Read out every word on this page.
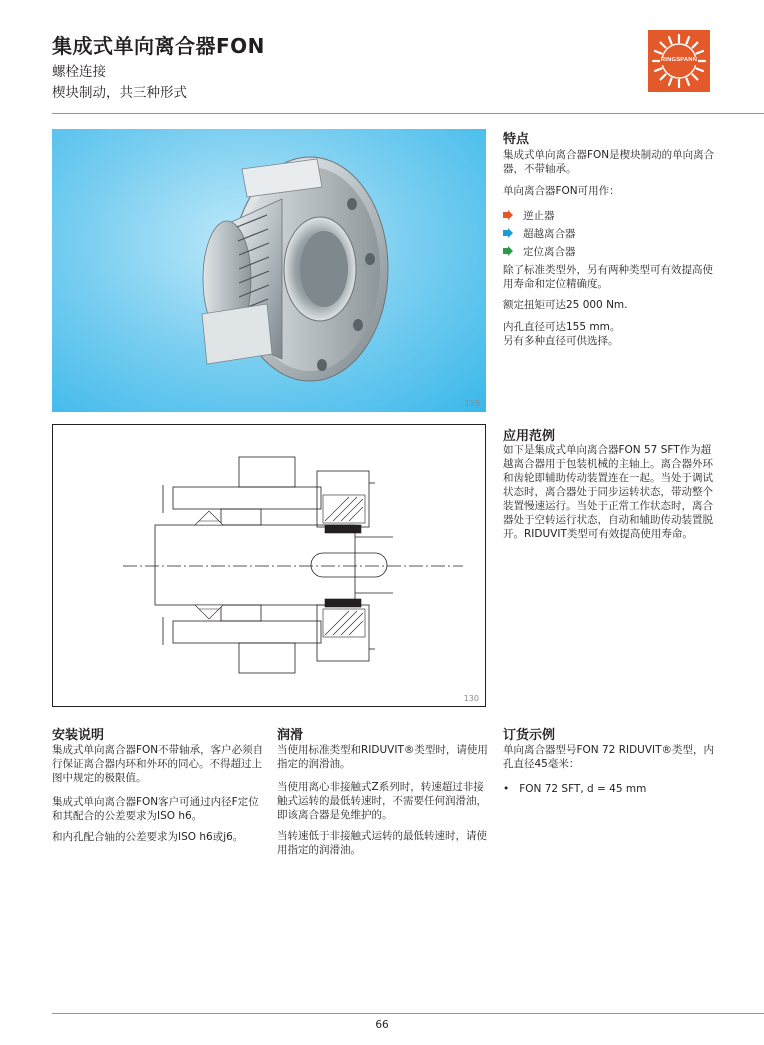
集成式单向离合器FON
螺栓连接
楔块制动，共三种形式
RINGSPANN
129
130
特点
集成式单向离合器FON是楔块制动的单向离合器，不带轴承。
单向离合器FON可用作：
逆止器
超越离合器
定位离合器
除了标准类型外，另有两种类型可有效提高使用寿命和定位精确度。
额定扭矩可达25 000 Nm.
内孔直径可达155 mm。
另有多种直径可供选择。
应用范例
如下是集成式单向离合器FON 57 SFT作为超越离合器用于包装机械的主轴上。离合器外环和齿轮即辅助传动装置连在一起。当处于调试状态时，离合器处于同步运转状态，带动整个装置慢速运行。当处于正常工作状态时，离合器处于空转运行状态，自动和辅助传动装置脱开。RIDUVIT类型可有效提高使用寿命。
安装说明
集成式单向离合器FON不带轴承，客户必须自行保证离合器内环和外环的同心。不得超过上图中规定的极限值。
集成式单向离合器FON客户可通过内径F定位和其配合的公差要求为ISO h6。
和内孔配合轴的公差要求为ISO h6或j6。
润滑
当使用标准类型和RIDUVIT®类型时，请使用指定的润滑油。
当使用离心非接触式Z系列时，转速超过非接触式运转的最低转速时，不需要任何润滑油，即该离合器是免维护的。
当转速低于非接触式运转的最低转速时，请使用指定的润滑油。
订货示例
单向离合器型号FON 72 RIDUVIT®类型，内孔直径45毫米：
• FON 72 SFT, d = 45 mm
66
